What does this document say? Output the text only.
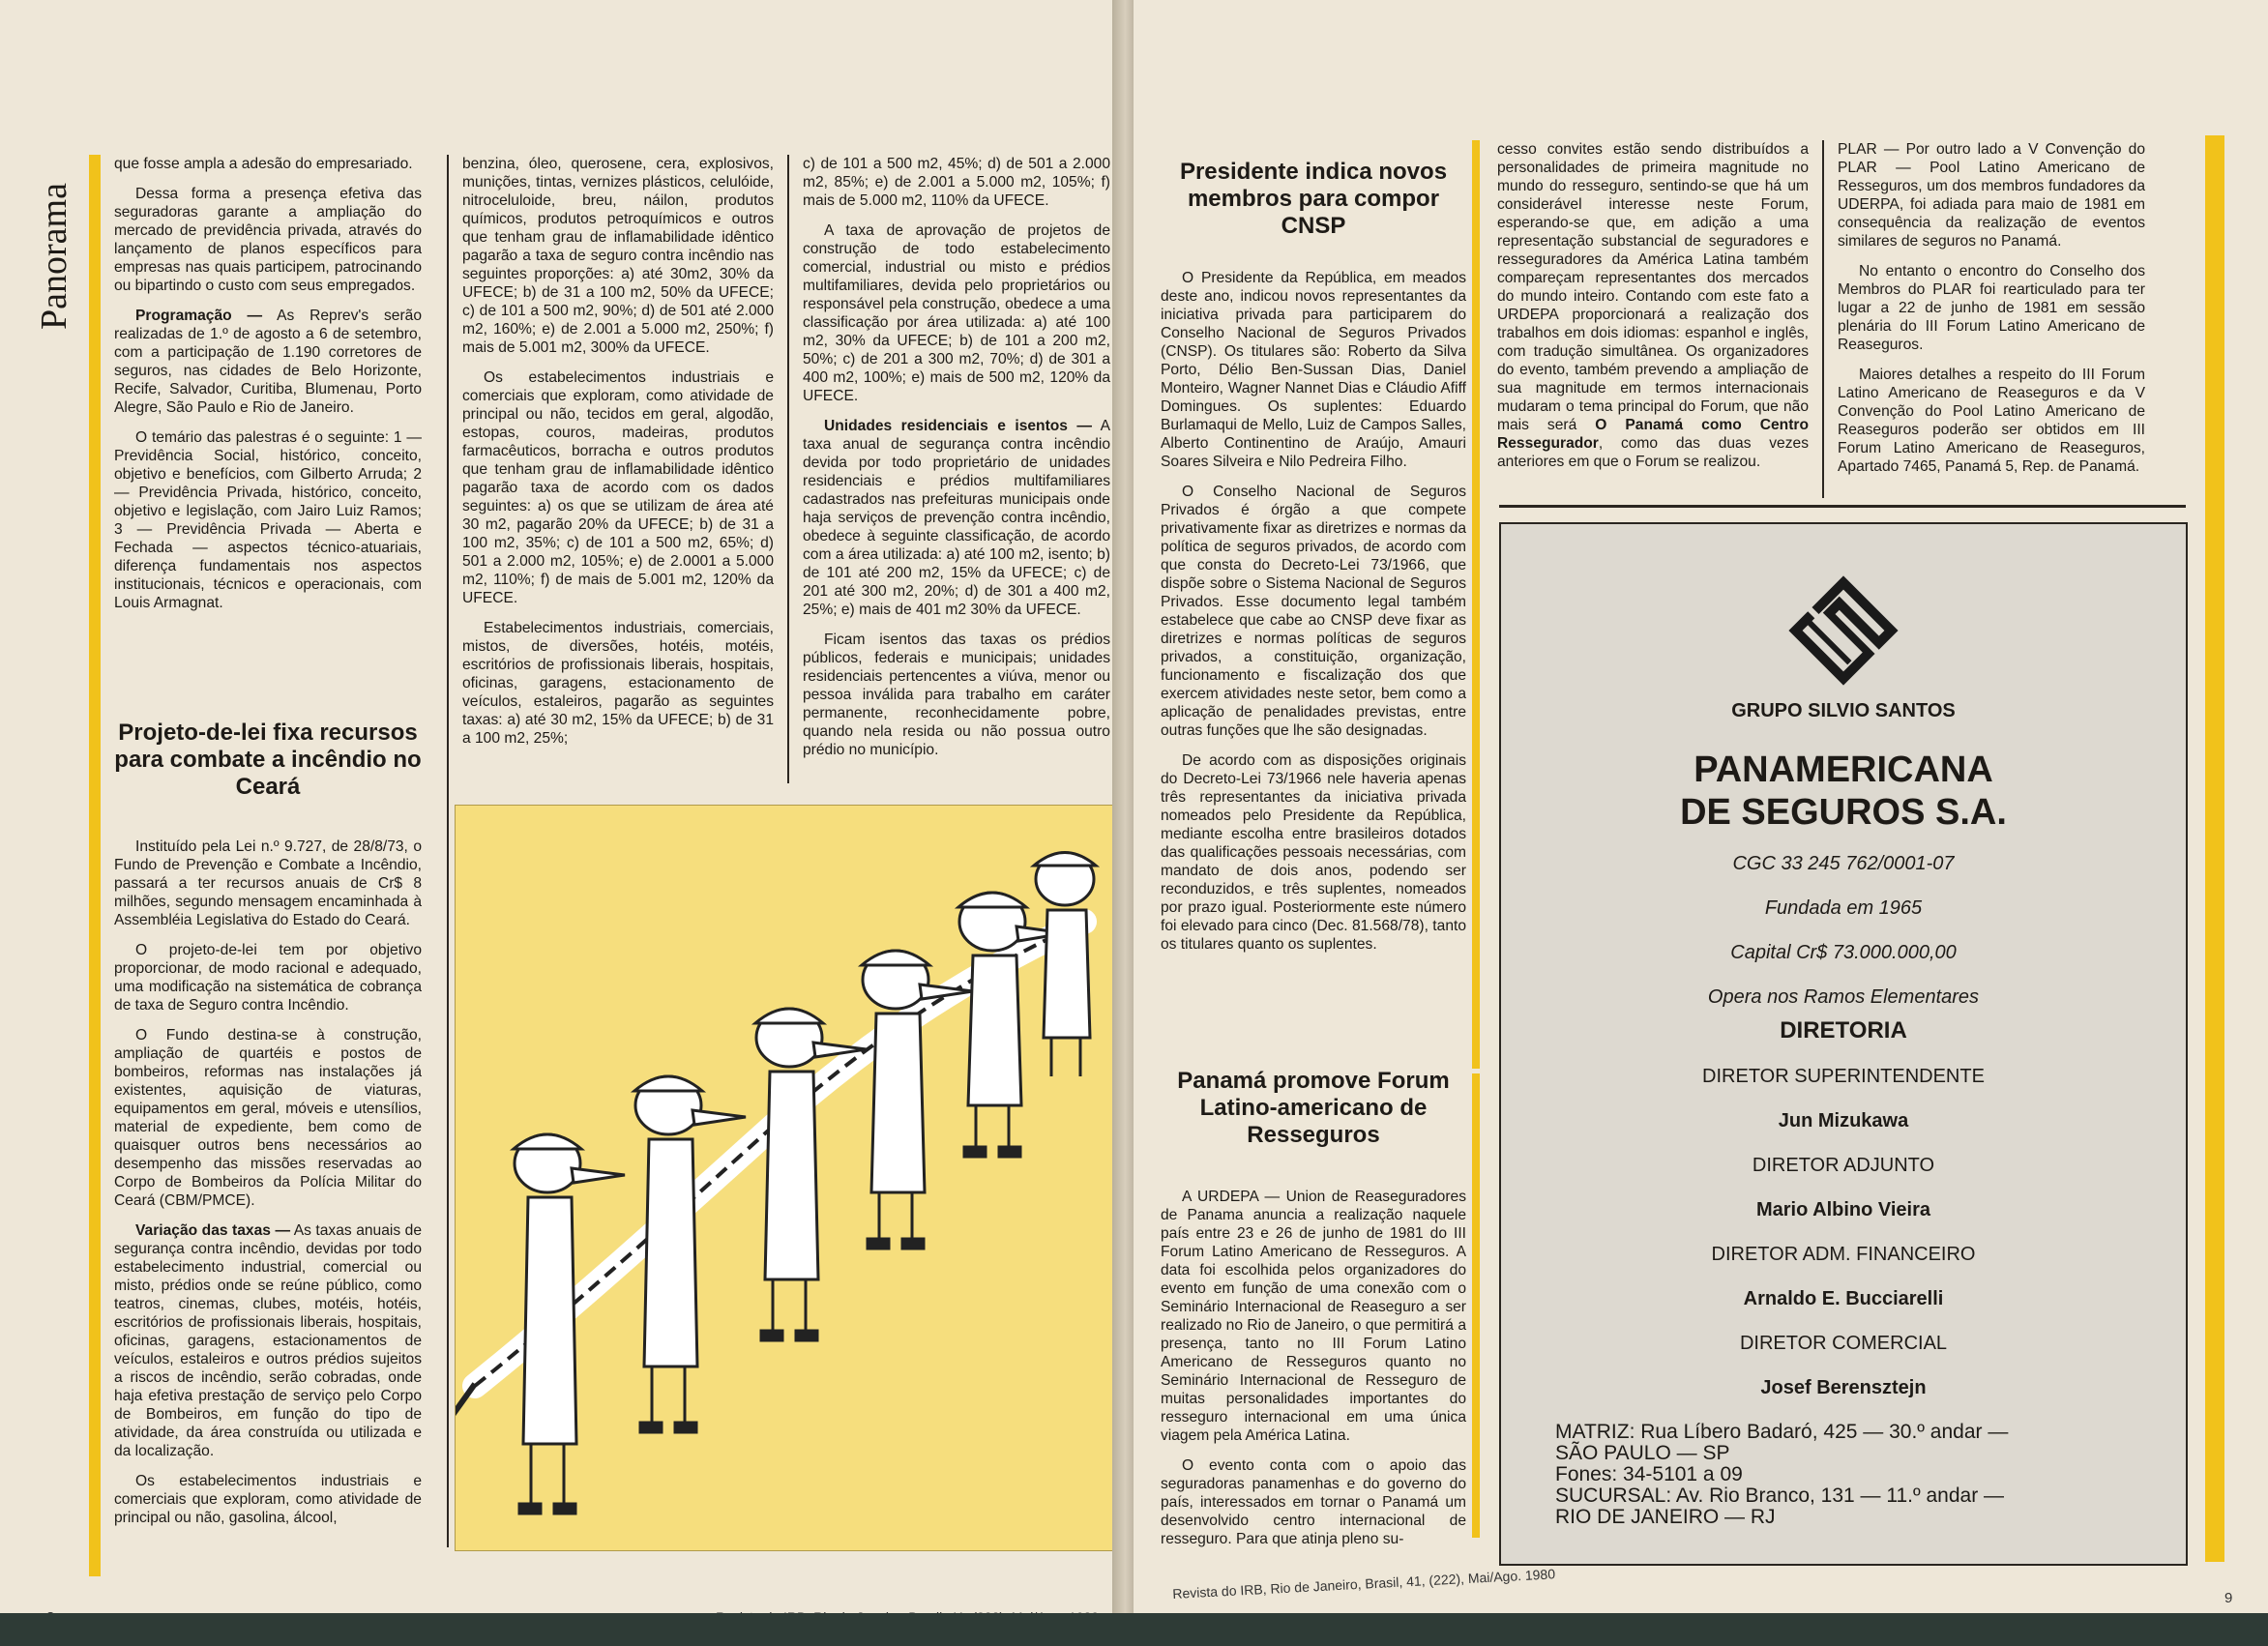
Panorama

que fosse ampla a adesão do empresariado.

Dessa forma a presença efetiva das seguradoras garante a ampliação do mercado de previdência privada, através do lançamento de planos específicos para empresas nas quais participem, patrocinando ou bipartindo o custo com seus empregados.

Programação — As Reprev's serão realizadas de 1.º de agosto a 6 de setembro, com a participação de 1.190 corretores de seguros, nas cidades de Belo Horizonte, Recife, Salvador, Curitiba, Blumenau, Porto Alegre, São Paulo e Rio de Janeiro.

O temário das palestras é o seguinte: 1 — Previdência Social, histórico, conceito, objetivo e benefícios, com Gilberto Arruda; 2 — Previdência Privada, histórico, conceito, objetivo e legislação, com Jairo Luiz Ramos; 3 — Previdência Privada — Aberta e Fechada — aspectos técnico-atuariais, diferença fundamentais nos aspectos institucionais, técnicos e operacionais, com Louis Armagnat.

Projeto-de-lei fixa recursos para combate a incêndio no Ceará

Instituído pela Lei n.º 9.727, de 28/8/73, o Fundo de Prevenção e Combate a Incêndio, passará a ter recursos anuais de Cr$ 8 milhões, segundo mensagem encaminhada à Assembléia Legislativa do Estado do Ceará.

O projeto-de-lei tem por objetivo proporcionar, de modo racional e adequado, uma modificação na sistemática de cobrança de taxa de Seguro contra Incêndio.

O Fundo destina-se à construção, ampliação de quartéis e postos de bombeiros, reformas nas instalações já existentes, aquisição de viaturas, equipamentos em geral, móveis e utensílios, material de expediente, bem como de quaisquer outros bens necessários ao desempenho das missões reservadas ao Corpo de Bombeiros da Polícia Militar do Ceará (CBM/PMCE).

Variação das taxas — As taxas anuais de segurança contra incêndio, devidas por todo estabelecimento industrial, comercial ou misto, prédios onde se reúne público, como teatros, cinemas, clubes, motéis, hotéis, escritórios de profissionais liberais, hospitais, oficinas, garagens, estacionamentos de veículos, estaleiros e outros prédios sujeitos a riscos de incêndio, serão cobradas, onde haja efetiva prestação de serviço pelo Corpo de Bombeiros, em função do tipo de atividade, da área construída ou utilizada e da localização.

Os estabelecimentos industriais e comerciais que exploram, como atividade de principal ou não, gasolina, álcool,

benzina, óleo, querosene, cera, explosivos, munições, tintas, vernizes plásticos, celulóide, nitroceluloide, breu, náilon, produtos químicos, produtos petroquímicos e outros que tenham grau de inflamabilidade idêntico pagarão a taxa de seguro contra incêndio nas seguintes proporções: a) até 30m2, 30% da UFECE; b) de 31 a 100 m2, 50% da UFECE; c) de 101 a 500 m2, 90%; d) de 501 até 2.000 m2, 160%; e) de 2.001 a 5.000 m2, 250%; f) mais de 5.001 m2, 300% da UFECE.

Os estabelecimentos industriais e comerciais que exploram, como atividade de principal ou não, tecidos em geral, algodão, estopas, couros, madeiras, produtos farmacêuticos, borracha e outros produtos que tenham grau de inflamabilidade idêntico pagarão taxa de acordo com os dados seguintes: a) os que se utilizam de área até 30 m2, pagarão 20% da UFECE; b) de 31 a 100 m2, 35%; c) de 101 a 500 m2, 65%; d) 501 a 2.000 m2, 105%; e) de 2.0001 a 5.000 m2, 110%; f) de mais de 5.001 m2, 120% da UFECE.

Estabelecimentos industriais, comerciais, mistos, de diversões, hotéis, motéis, escritórios de profissionais liberais, hospitais, oficinas, garagens, estacionamento de veículos, estaleiros, pagarão as seguintes taxas: a) até 30 m2, 15% da UFECE; b) de 31 a 100 m2, 25%;

c) de 101 a 500 m2, 45%; d) de 501 a 2.000 m2, 85%; e) de 2.001 a 5.000 m2, 105%; f) mais de 5.000 m2, 110% da UFECE.

A taxa de aprovação de projetos de construção de todo estabelecimento comercial, industrial ou misto e prédios multifamiliares, devida pelo proprietários ou responsável pela construção, obedece a uma classificação por área utilizada: a) até 100 m2, 30% da UFECE; b) de 101 a 200 m2, 50%; c) de 201 a 300 m2, 70%; d) de 301 a 400 m2, 100%; e) mais de 500 m2, 120% da UFECE.

Unidades residenciais e isentos — A taxa anual de segurança contra incêndio devida por todo proprietário de unidades residenciais e prédios multifamiliares cadastrados nas prefeituras municipais onde haja serviços de prevenção contra incêndio, obedece à seguinte classificação, de acordo com a área utilizada: a) até 100 m2, isento; b) de 101 até 200 m2, 15% da UFECE; c) de 201 até 300 m2, 20%; d) de 301 a 400 m2, 25%; e) mais de 401 m2 30% da UFECE.

Ficam isentos das taxas os prédios públicos, federais e municipais; unidades residenciais pertencentes a viúva, menor ou pessoa inválida para trabalho em caráter permanente, reconhecidamente pobre, quando nela resida ou não possua outro prédio no município.

Presidente indica novos membros para compor CNSP

O Presidente da República, em meados deste ano, indicou novos representantes da iniciativa privada para participarem do Conselho Nacional de Seguros Privados (CNSP). Os titulares são: Roberto da Silva Porto, Délio Ben-Sussan Dias, Daniel Monteiro, Wagner Nannet Dias e Cláudio Afiff Domingues. Os suplentes: Eduardo Burlamaqui de Mello, Luiz de Campos Salles, Alberto Continentino de Araújo, Amauri Soares Silveira e Nilo Pedreira Filho.

O Conselho Nacional de Seguros Privados é órgão a que compete privativamente fixar as diretrizes e normas da política de seguros privados, de acordo com que consta do Decreto-Lei 73/1966, que dispõe sobre o Sistema Nacional de Seguros Privados. Esse documento legal também estabelece que cabe ao CNSP deve fixar as diretrizes e normas políticas de seguros privados, a constituição, organização, funcionamento e fiscalização dos que exercem atividades neste setor, bem como a aplicação de penalidades previstas, entre outras funções que lhe são designadas.

De acordo com as disposições originais do Decreto-Lei 73/1966 nele haveria apenas três representantes da iniciativa privada nomeados pelo Presidente da República, mediante escolha entre brasileiros dotados das qualificações pessoais necessárias, com mandato de dois anos, podendo ser reconduzidos, e três suplentes, nomeados por prazo igual. Posteriormente este número foi elevado para cinco (Dec. 81.568/78), tanto os titulares quanto os suplentes.

Panamá promove Forum Latino-americano de Resseguros

A URDEPA — Union de Reaseguradores de Panama anuncia a realização naquele país entre 23 e 26 de junho de 1981 do III Forum Latino Americano de Resseguros. A data foi escolhida pelos organizadores do evento em função de uma conexão com o Seminário Internacional de Reaseguro a ser realizado no Rio de Janeiro, o que permitirá a presença, tanto no III Forum Latino Americano de Resseguros quanto no Seminário Internacional de Resseguro de muitas personalidades importantes do resseguro internacional em uma única viagem pela América Latina.

O evento conta com o apoio das seguradoras panamenhas e do governo do país, interessados em tornar o Panamá um desenvolvido centro internacional de resseguro. Para que atinja pleno su-

cesso convites estão sendo distribuídos a personalidades de primeira magnitude no mundo do resseguro, sentindo-se que há um considerável interesse neste Forum, esperando-se que, em adição a uma representação substancial de seguradores e resseguradores da América Latina também compareçam representantes dos mercados do mundo inteiro. Contando com este fato a URDEPA proporcionará a realização dos trabalhos em dois idiomas: espanhol e inglês, com tradução simultânea. Os organizadores do evento, também prevendo a ampliação de sua magnitude em termos internacionais mudaram o tema principal do Forum, que não mais será O Panamá como Centro Ressegurador, como das duas vezes anteriores em que o Forum se realizou.

PLAR — Por outro lado a V Convenção do PLAR — Pool Latino Americano de Resseguros, um dos membros fundadores da UDERPA, foi adiada para maio de 1981 em consequência da realização de eventos similares de seguros no Panamá.

No entanto o encontro do Conselho dos Membros do PLAR foi rearticulado para ter lugar a 22 de junho de 1981 em sessão plenária do III Forum Latino Americano de Reaseguros.

Maiores detalhes a respeito do III Forum Latino Americano de Reaseguros e da V Convenção do Pool Latino Americano de Reaseguros poderão ser obtidos em III Forum Latino Americano de Reaseguros, Apartado 7465, Panamá 5, Rep. de Panamá.

9
Revista do IRB, Rio de Janeiro, Brasil, 41, (222), Mai/Ago. 1980
GRUPO SILVIO SANTOS
PANAMERICANA
DE SEGUROS S.A.
CGC 33 245 762/0001-07
Fundada em 1965
Capital Cr$ 73.000.000,00
Opera nos Ramos Elementares
DIRETORIA
DIRETOR SUPERINTENDENTE
Jun Mizukawa
DIRETOR ADJUNTO
Mario Albino Vieira
DIRETOR ADM. FINANCEIRO
Arnaldo E. Bucciarelli
DIRETOR COMERCIAL
Josef Berensztejn
MATRIZ: Rua Líbero Badaró, 425 — 30.º andar —
SÃO PAULO — SP
Fones: 34-5101 a 09
SUCURSAL: Av. Rio Branco, 131 — 11.º andar —
RIO DE JANEIRO — RJ
